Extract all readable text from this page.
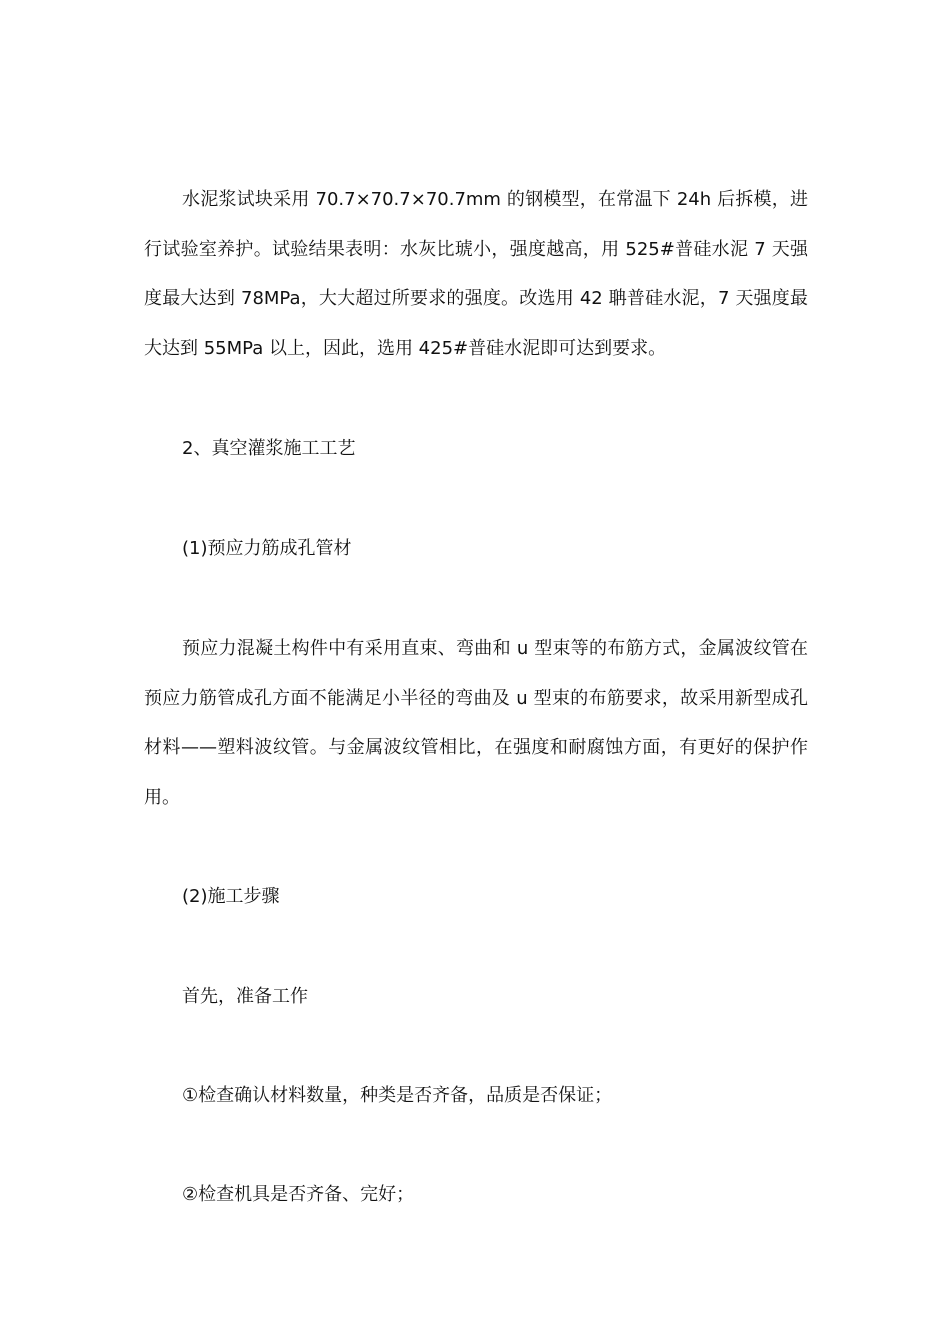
水泥浆试块采用 70.7×70.7×70.7mm 的钢模型，在常温下 24h 后拆模，进行试验室养护。试验结果表明：水灰比琥小，强度越高，用 525#普硅水泥 7 天强度最大达到 78MPa，大大超过所要求的强度。改选用 42 聃普硅水泥，7 天强度最大达到 55MPa 以上，因此，选用 425#普硅水泥即可达到要求。

2、真空灌浆施工工艺

(1)预应力筋成孔管材

预应力混凝土构件中有采用直束、弯曲和 u 型束等的布筋方式，金属波纹管在预应力筋管成孔方面不能满足小半径的弯曲及 u 型束的布筋要求，故采用新型成孔材料——塑料波纹管。与金属波纹管相比，在强度和耐腐蚀方面，有更好的保护作用。

(2)施工步骤

首先，准备工作

①检查确认材料数量，种类是否齐备，品质是否保证；

②检查机具是否齐备、完好；
